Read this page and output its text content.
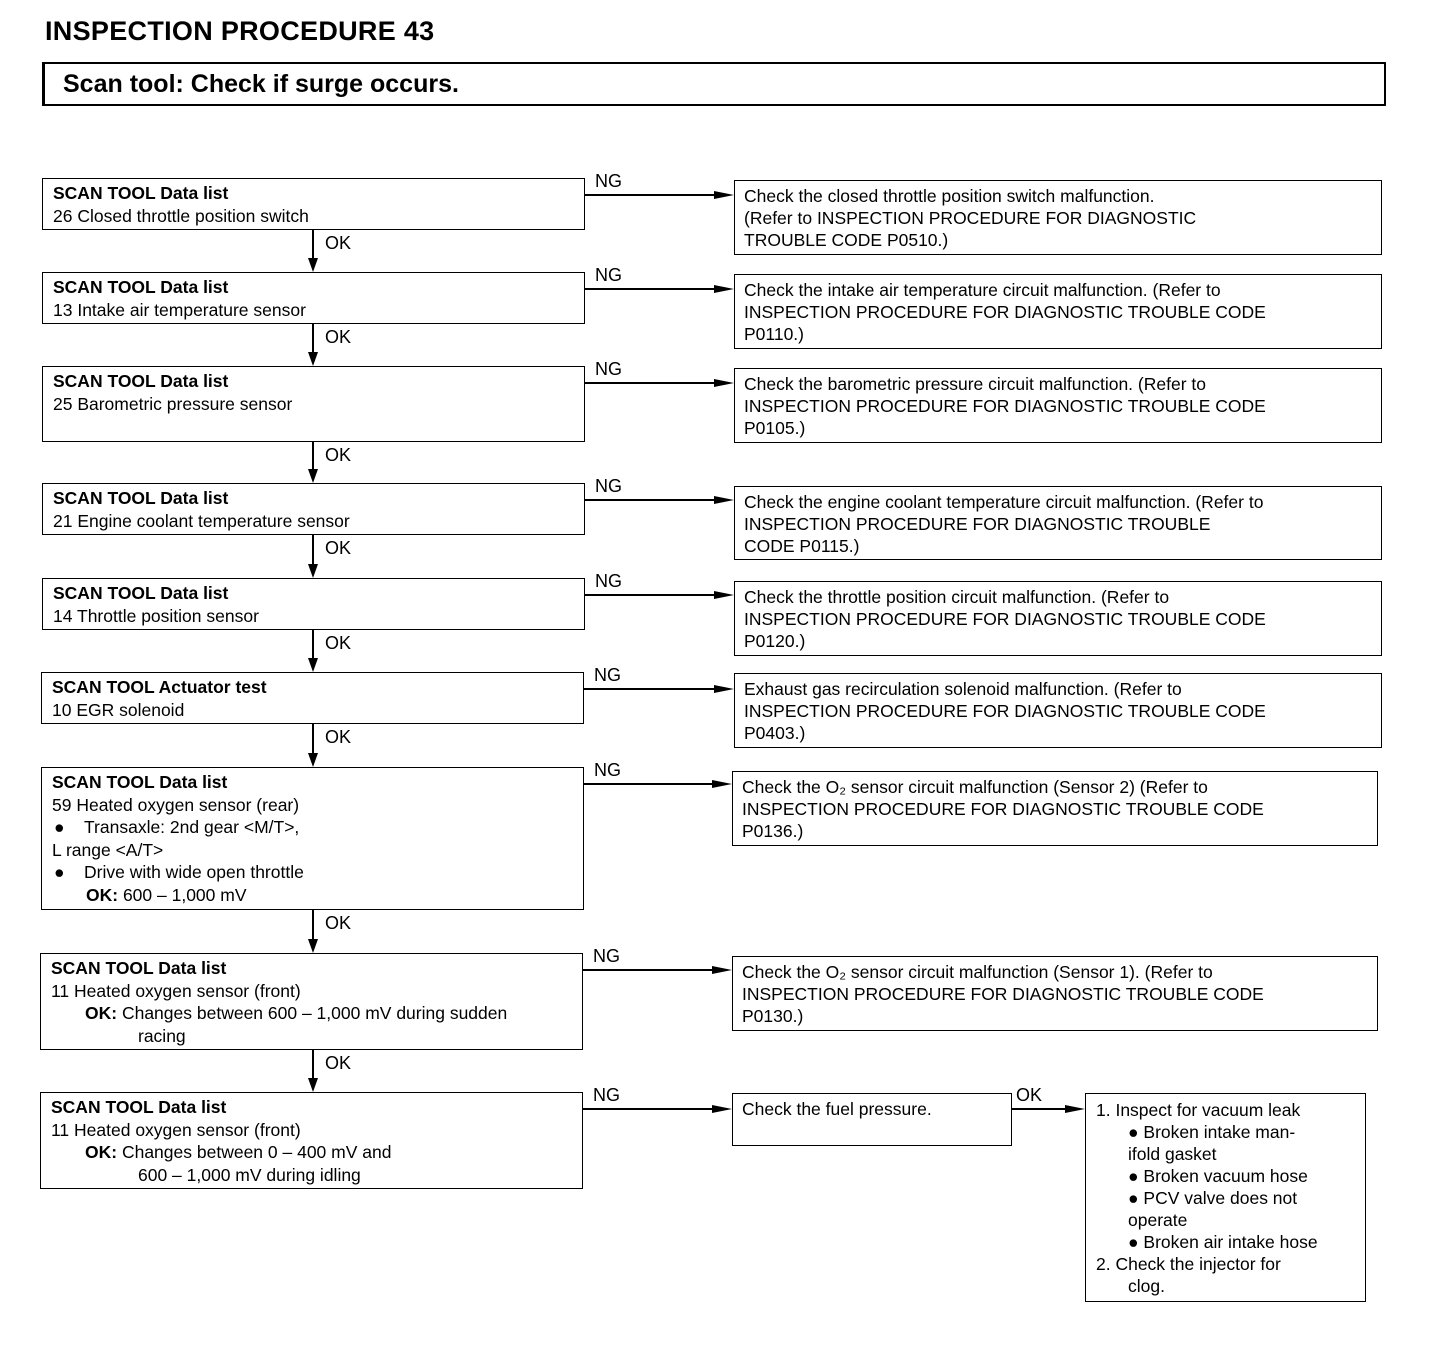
INSPECTION PROCEDURE 43
Scan tool: Check if surge occurs.
SCAN TOOL Data list
26 Closed throttle position switch
NG
Check the closed throttle position switch malfunction.
(Refer to INSPECTION PROCEDURE FOR DIAGNOSTIC
TROUBLE CODE P0510.)
OK
SCAN TOOL Data list
13 Intake air temperature sensor
NG
Check the intake air temperature circuit malfunction. (Refer to
INSPECTION PROCEDURE FOR DIAGNOSTIC TROUBLE CODE
P0110.)
OK
SCAN TOOL Data list
25 Barometric pressure sensor
NG
Check the barometric pressure circuit malfunction. (Refer to
INSPECTION PROCEDURE FOR DIAGNOSTIC TROUBLE CODE
P0105.)
OK
SCAN TOOL Data list
21 Engine coolant temperature sensor
NG
Check the engine coolant temperature circuit malfunction. (Refer to
INSPECTION PROCEDURE FOR DIAGNOSTIC TROUBLE
CODE P0115.)
OK
SCAN TOOL Data list
14 Throttle position sensor
NG
Check the throttle position circuit malfunction. (Refer to
INSPECTION PROCEDURE FOR DIAGNOSTIC TROUBLE CODE
P0120.)
OK
SCAN TOOL Actuator test
10 EGR solenoid
NG
Exhaust gas recirculation solenoid malfunction. (Refer to
INSPECTION PROCEDURE FOR DIAGNOSTIC TROUBLE CODE
P0403.)
OK
SCAN TOOL Data list
59 Heated oxygen sensor (rear)
● Transaxle: 2nd gear <M/T>,
L range <A/T>
● Drive with wide open throttle
OK: 600 – 1,000 mV
NG
Check the O₂ sensor circuit malfunction (Sensor 2) (Refer to
INSPECTION PROCEDURE FOR DIAGNOSTIC TROUBLE CODE
P0136.)
OK
SCAN TOOL Data list
11 Heated oxygen sensor (front)
OK: Changes between 600 – 1,000 mV during sudden
racing
NG
Check the O₂ sensor circuit malfunction (Sensor 1). (Refer to
INSPECTION PROCEDURE FOR DIAGNOSTIC TROUBLE CODE
P0130.)
OK
SCAN TOOL Data list
11 Heated oxygen sensor (front)
OK: Changes between 0 – 400 mV and
600 – 1,000 mV during idling
NG
Check the fuel pressure.
OK
1. Inspect for vacuum leak
● Broken intake man-
ifold gasket
● Broken vacuum hose
● PCV valve does not
operate
● Broken air intake hose
2. Check the injector for
clog.
